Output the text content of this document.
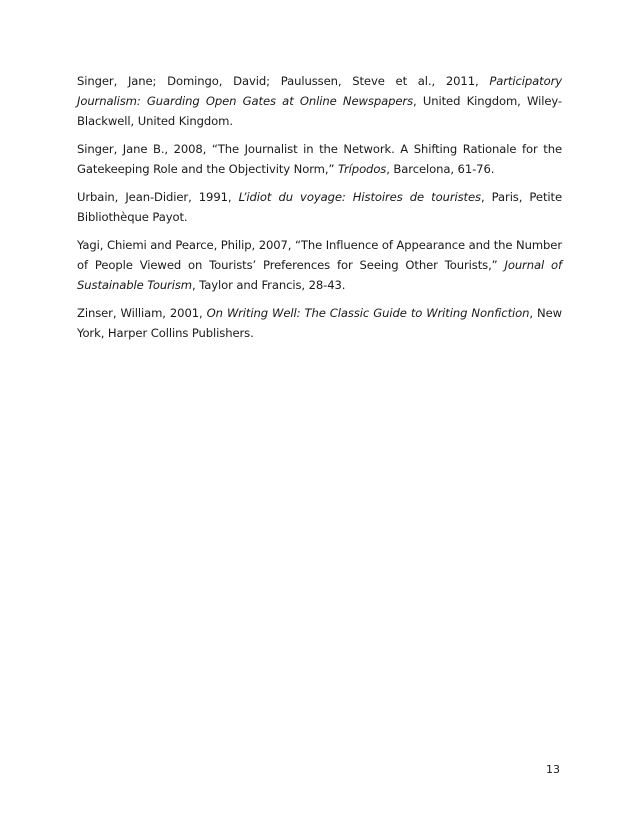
Singer, Jane; Domingo, David; Paulussen, Steve et al., 2011, Participatory Journalism: Guarding Open Gates at Online Newspapers, United Kingdom, Wiley-Blackwell, United Kingdom.

Singer, Jane B., 2008, “The Journalist in the Network. A Shifting Rationale for the Gatekeeping Role and the Objectivity Norm,” Trípodos, Barcelona, 61-76.

Urbain, Jean-Didier, 1991, L’idiot du voyage: Histoires de touristes, Paris, Petite Bibliothèque Payot.

Yagi, Chiemi and Pearce, Philip, 2007, “The Influence of Appearance and the Number of People Viewed on Tourists’ Preferences for Seeing Other Tourists,” Journal of Sustainable Tourism, Taylor and Francis, 28-43.

Zinser, William, 2001, On Writing Well: The Classic Guide to Writing Nonfiction, New York, Harper Collins Publishers.

13
